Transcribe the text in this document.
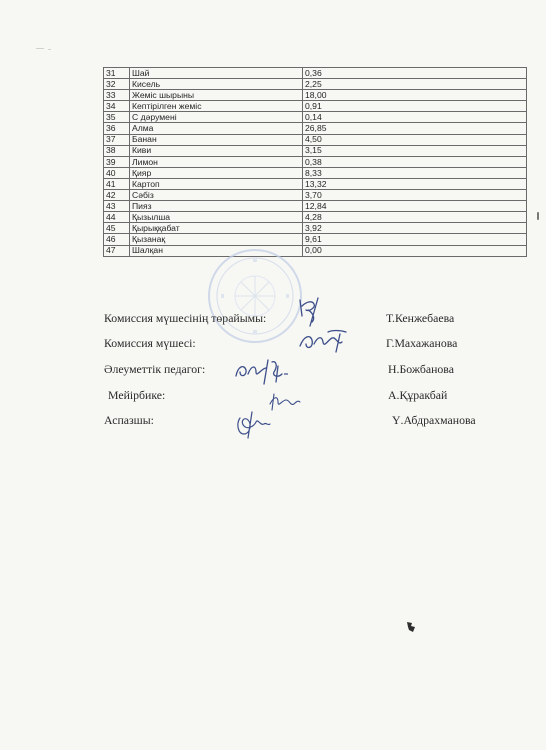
31	Шай	0,36
32	Кисель	2,25
33	Жеміс шырыны	18,00
34	Кептірілген жеміс	0,91
35	С дәрумені	0,14
36	Алма	26,85
37	Банан	4,50
38	Киви	3,15
39	Лимон	0,38
40	Қияр	8,33
41	Картоп	13,32
42	Сәбіз	3,70
43	Пияз	12,84
44	Қызылша	4,28
45	Қырыққабат	3,92
46	Қызанақ	9,61
47	Шалқан	0,00
Комиссия мүшесінің төрайымы:	Т.Кенжебаева
Комиссия мүшесі:	Г.Махажанова
Әлеуметтік педагог:	Н.Божбанова
Мейірбике:	А.Құракбай
Аспазшы:	Ү.Абдрахманова
